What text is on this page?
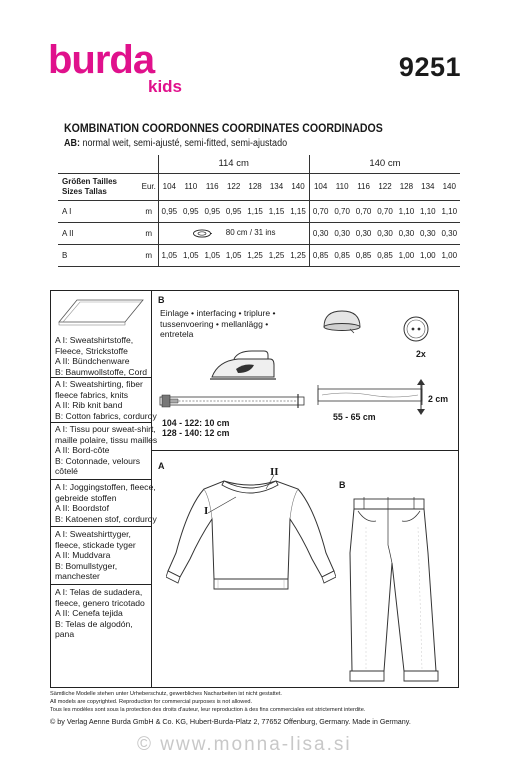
burda
kids
9251
KOMBINATION COORDONNES COORDINATES COORDINADOS
AB: normal weit, semi-ajusté, semi-fitted, semi-ajustado
		114 cm							140 cm						

Größen Tailles
Sizes Tallas	Eur.	104	110	116	122	128	134	140	104	110	116	122	128	134	140
A I	m	0,95	0,95	0,95	0,95	1,15	1,15	1,15	0,70	0,70	0,70	0,70	1,10	1,10	1,10
A II	m	80 cm / 31 ins							0,30	0,30	0,30	0,30	0,30	0,30	0,30
B	m	1,05	1,05	1,05	1,05	1,25	1,25	1,25	0,85	0,85	0,85	0,85	1,00	1,00	1,00
A I: Sweatshirtstoffe,
Fleece, Strickstoffe
A II: Bündchenware
B: Baumwollstoffe, Cord
A I: Sweatshirting, fiber
fleece fabrics, knits
A II: Rib knit band
B: Cotton fabrics, corduroy
A I: Tissu pour sweat-shirt,
maille polaire, tissu mailles
A II: Bord-côte
B: Cotonnade, velours
côtelé
A I: Joggingstoffen, fleece,
gebreide stoffen
A II: Boordstof
B: Katoenen stof, corduroy
A I: Sweatshirttyger,
fleece, stickade tyger
A II: Muddvara
B: Bomullstyger,
manchester
A I: Telas de sudadera,
fleece, genero tricotado
A II: Cenefa tejida
B: Telas de algodón,
pana
B
Einlage • interfacing • triplure •
tussenvoering • mellanlägg •
entretela
2x
104 - 122: 10 cm
128 - 140: 12 cm
55 - 65 cm
2 cm
A
B
I
II
Sämtliche Modelle stehen unter Urheberschutz, gewerbliches Nacharbeiten ist nicht gestattet.
All models are copyrighted. Reproduction for commercial purposes is not allowed.
Tous les modèles sont sous la protection des droits d'auteur, leur reproduction à des fins commerciales est strictement interdite.
© by Verlag Aenne Burda GmbH & Co. KG, Hubert-Burda-Platz 2, 77652 Offenburg, Germany. Made in Germany.
© www.monna-lisa.si
